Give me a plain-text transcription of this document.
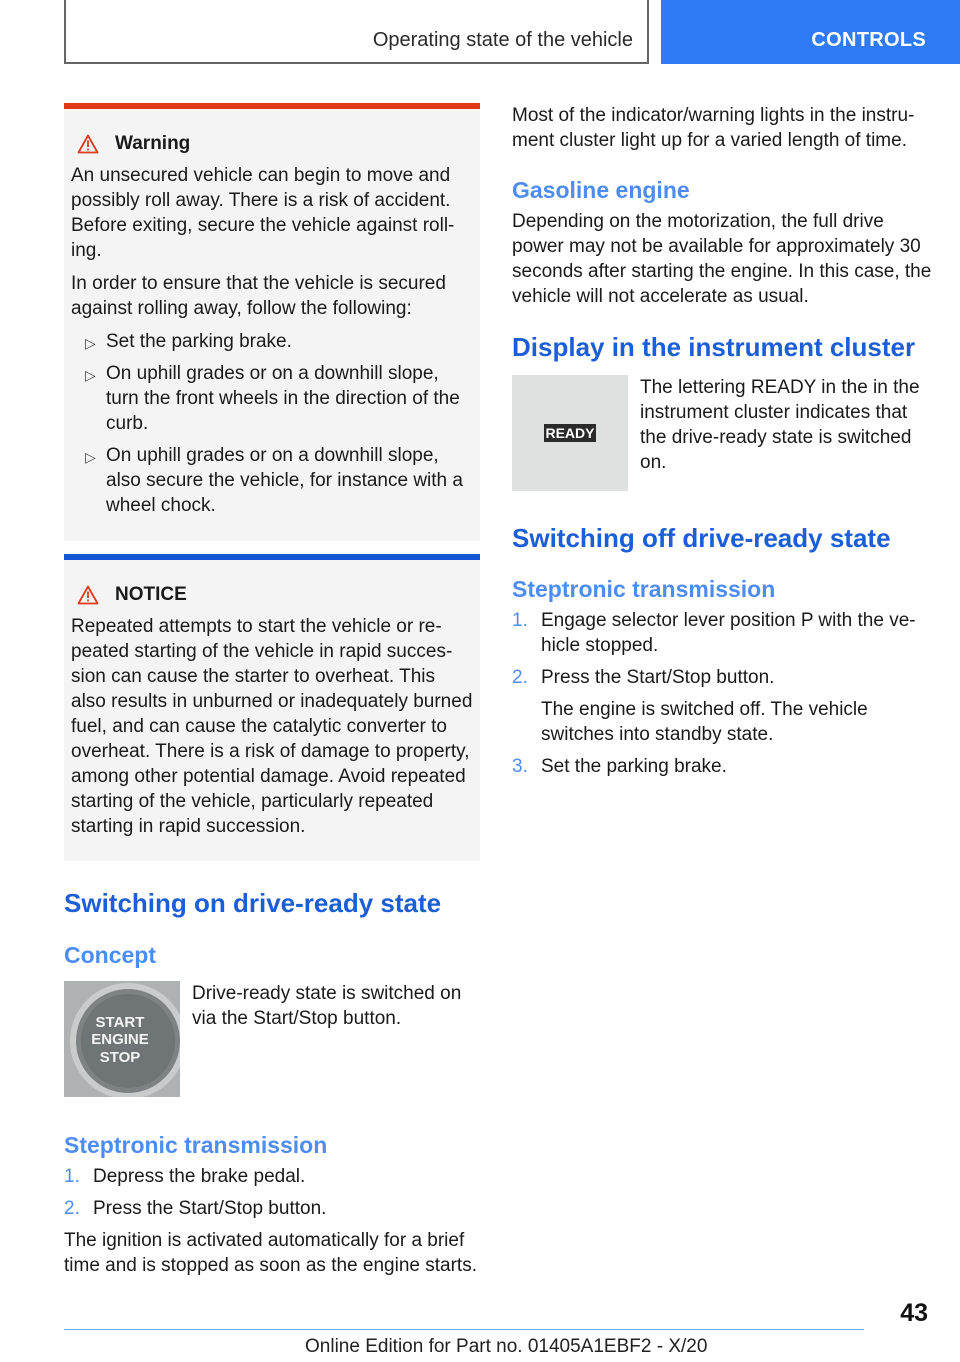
Operating state of the vehicle	CONTROLS
Warning

An unsecured vehicle can begin to move and possibly roll away. There is a risk of accident. Before exiting, secure the vehicle against roll-ing.

In order to ensure that the vehicle is secured against rolling away, follow the following:

▷ Set the parking brake.
▷ On uphill grades or on a downhill slope, turn the front wheels in the direction of the curb.
▷ On uphill grades or on a downhill slope, also secure the vehicle, for instance with a wheel chock.
NOTICE

Repeated attempts to start the vehicle or re-peated starting of the vehicle in rapid succes-sion can cause the starter to overheat. This also results in unburned or inadequately burned fuel, and can cause the catalytic converter to overheat. There is a risk of damage to property, among other potential damage. Avoid repeated starting of the vehicle, particularly repeated starting in rapid succession.

Switching on drive-ready state
Concept
START
ENGINE
STOP

Drive-ready state is switched on via the Start/Stop button.

Steptronic transmission
1. Depress the brake pedal.
2. Press the Start/Stop button.

The ignition is activated automatically for a brief time and is stopped as soon as the engine starts.

Most of the indicator/warning lights in the instru-ment cluster light up for a varied length of time.

Gasoline engine

Depending on the motorization, the full drive power may not be available for approximately 30 seconds after starting the engine. In this case, the vehicle will not accelerate as usual.

Display in the instrument cluster
READY

The lettering READY in the in the instrument cluster indicates that the drive-ready state is switched on.

Switching off drive-ready state
Steptronic transmission
1. Engage selector lever position P with the ve-hicle stopped.
2. Press the Start/Stop button.
The engine is switched off. The vehicle switches into standby state.
3. Set the parking brake.
43
Online Edition for Part no. 01405A1EBF2 - X/20
